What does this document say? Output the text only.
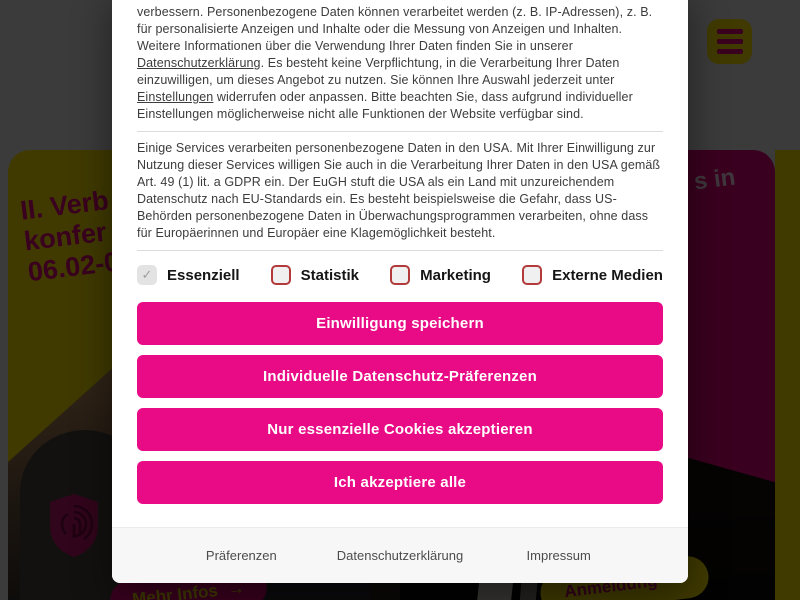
verbessern. Personenbezogene Daten können verarbeitet werden (z. B. IP-Adressen), z. B. für personalisierte Anzeigen und Inhalte oder die Messung von Anzeigen und Inhalten. Weitere Informationen über die Verwendung Ihrer Daten finden Sie in unserer Datenschutzerklärung. Es besteht keine Verpflichtung, in die Verarbeitung Ihrer Daten einzuwilligen, um dieses Angebot zu nutzen. Sie können Ihre Auswahl jederzeit unter Einstellungen widerrufen oder anpassen. Bitte beachten Sie, dass aufgrund individueller Einstellungen möglicherweise nicht alle Funktionen der Website verfügbar sind.

Einige Services verarbeiten personenbezogene Daten in den USA. Mit Ihrer Einwilligung zur Nutzung dieser Services willigen Sie auch in die Verarbeitung Ihrer Daten in den USA gemäß Art. 49 (1) lit. a GDPR ein. Der EuGH stuft die USA als ein Land mit unzureichendem Datenschutz nach EU-Standards ein. Es besteht beispielsweise die Gefahr, dass US-Behörden personenbezogene Daten in Überwachungsprogrammen verarbeiten, ohne dass für Europäerinnen und Europäer eine Klagemöglichkeit besteht.

✓ Essenziell	Statistik	Marketing	Externe Medien
Einwilligung speichern
Individuelle Datenschutz-Präferenzen
Nur essenzielle Cookies akzeptieren
Ich akzeptiere alle
Präferenzen	Datenschutzerklärung	Impressum
